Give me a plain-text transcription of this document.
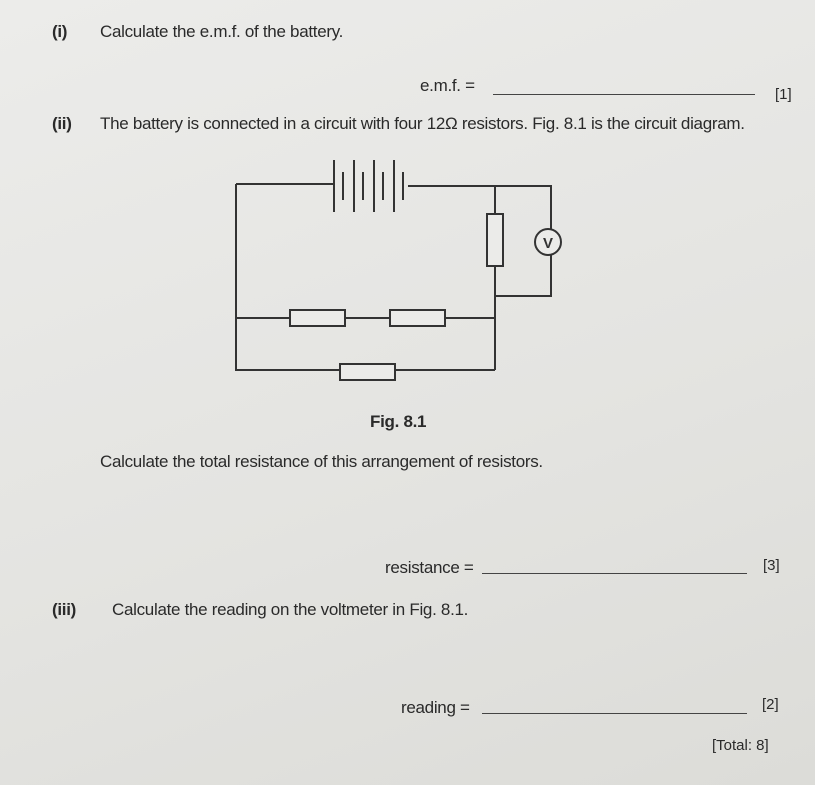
(i) Calculate the e.m.f. of the battery.
e.m.f. =	[1]
(ii) The battery is connected in a circuit with four 12Ω resistors. Fig. 8.1 is the circuit diagram.
V
Fig. 8.1
Calculate the total resistance of this arrangement of resistors.
resistance =	[3]
(iii) Calculate the reading on the voltmeter in Fig. 8.1.
reading =	[2]
[Total: 8]
